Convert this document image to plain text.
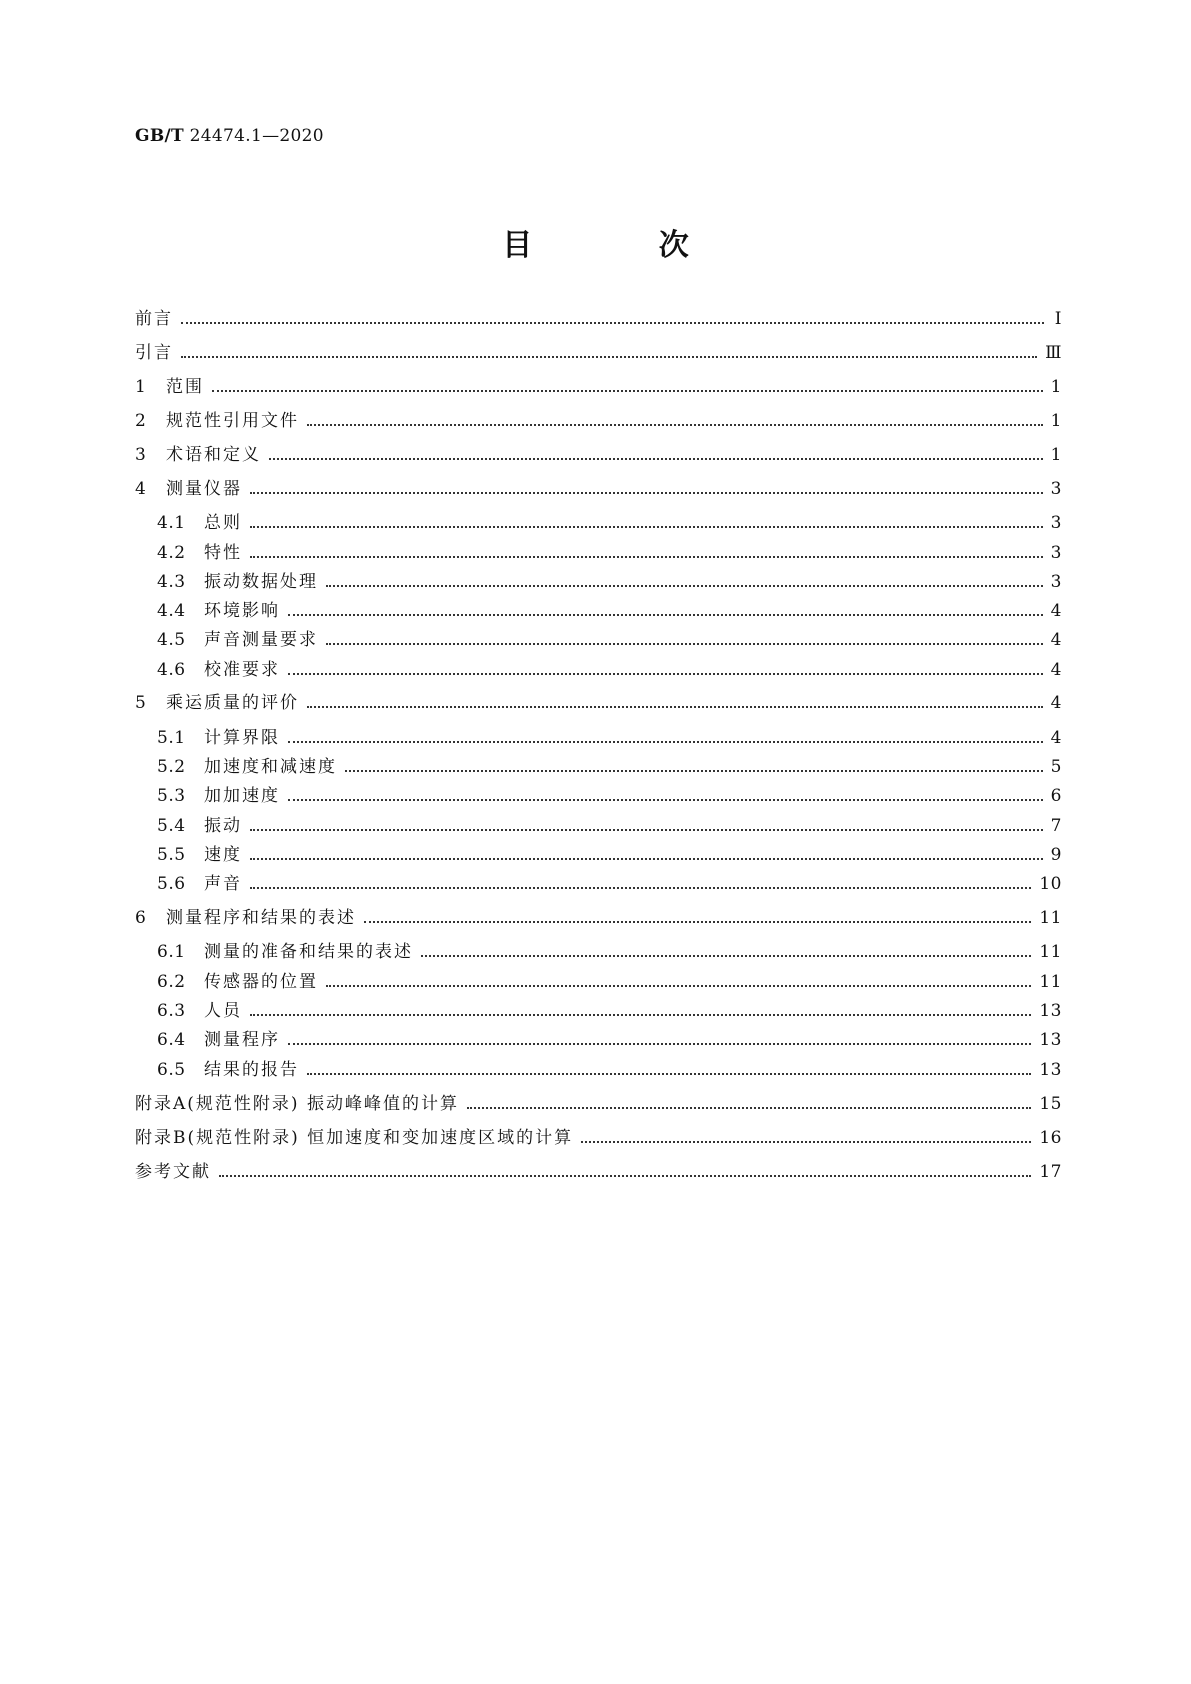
GB/T 24474.1—2020
目 次
前言	Ⅰ
引言	Ⅲ
1	范围	1
2	规范性引用文件	1
3	术语和定义	1
4	测量仪器	3
4.1	总则	3
4.2	特性	3
4.3	振动数据处理	3
4.4	环境影响	4
4.5	声音测量要求	4
4.6	校准要求	4
5	乘运质量的评价	4
5.1	计算界限	4
5.2	加速度和减速度	5
5.3	加加速度	6
5.4	振动	7
5.5	速度	9
5.6	声音	10
6	测量程序和结果的表述	11
6.1	测量的准备和结果的表述	11
6.2	传感器的位置	11
6.3	人员	13
6.4	测量程序	13
6.5	结果的报告	13
附录A(规范性附录) 振动峰峰值的计算	15
附录B(规范性附录) 恒加速度和变加速度区域的计算	16
参考文献	17
